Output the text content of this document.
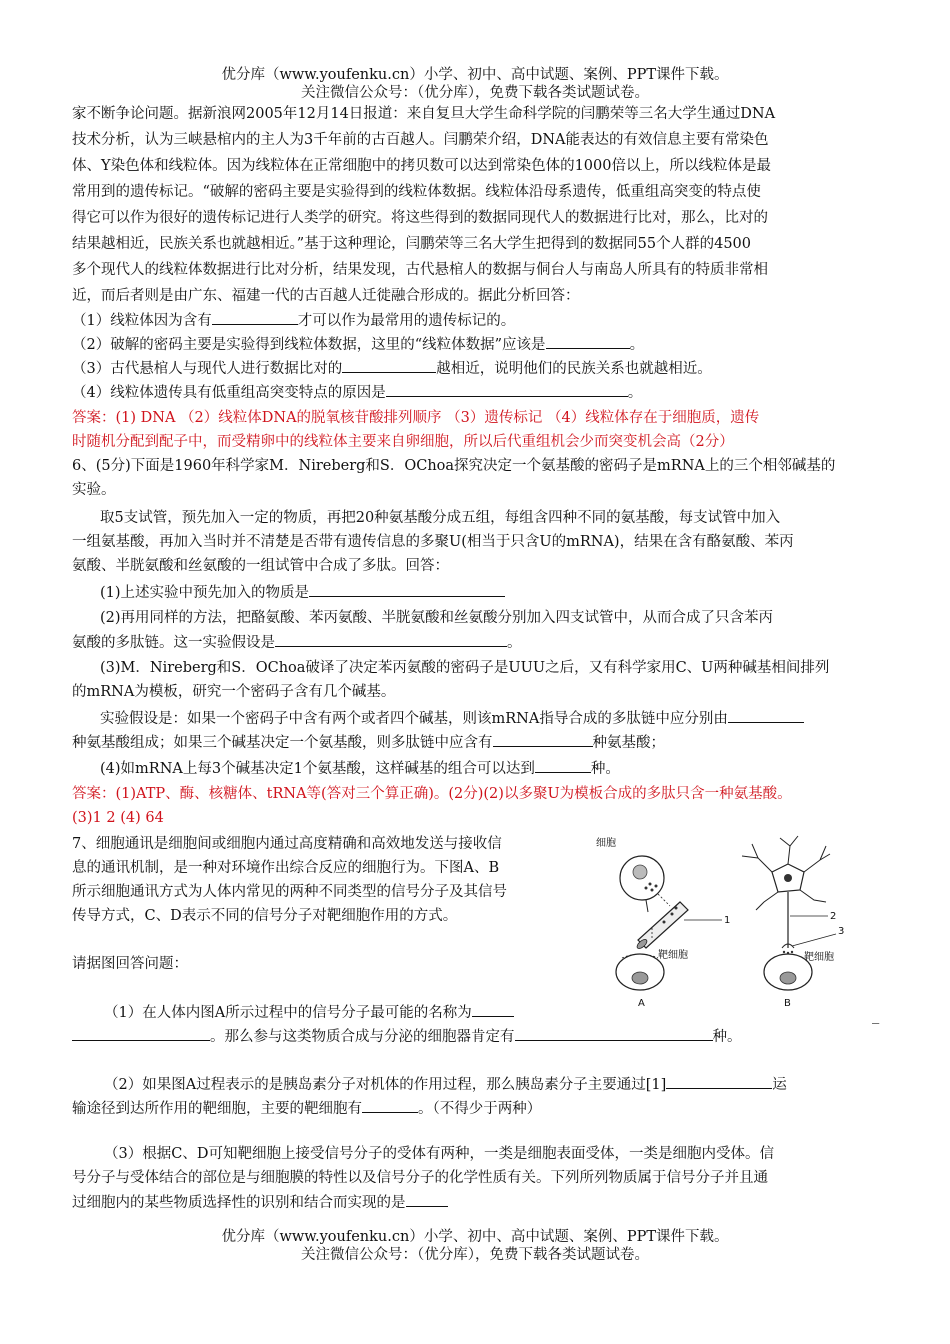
优分库（www.youfenku.cn）小学、初中、高中试题、案例、PPT课件下载。
关注微信公众号：（优分库），免费下载各类试题试卷。
家不断争论问题。据新浪网2005年12月14日报道：来自复旦大学生命科学院的闫鹏荣等三名大学生通过DNA
技术分析，认为三峡悬棺内的主人为3千年前的古百越人。闫鹏荣介绍，DNA能表达的有效信息主要有常染色
体、Y染色体和线粒体。因为线粒体在正常细胞中的拷贝数可以达到常染色体的1000倍以上，所以线粒体是最
常用到的遗传标记。“破解的密码主要是实验得到的线粒体数据。线粒体沿母系遗传，低重组高突变的特点使
得它可以作为很好的遗传标记进行人类学的研究。将这些得到的数据同现代人的数据进行比对，那么，比对的
结果越相近，民族关系也就越相近。”基于这种理论，闫鹏荣等三名大学生把得到的数据同55个人群的4500
多个现代人的线粒体数据进行比对分析，结果发现，古代悬棺人的数据与侗台人与南岛人所具有的特质非常相
近，而后者则是由广东、福建一代的古百越人迁徙融合形成的。据此分析回答：
（1）线粒体因为含有	才可以作为最常用的遗传标记的。
（2）破解的密码主要是实验得到线粒体数据，这里的“线粒体数据”应该是	。
（3）古代悬棺人与现代人进行数据比对的	越相近，说明他们的民族关系也就越相近。
（4）线粒体遗传具有低重组高突变特点的原因是	。
答案：(1) DNA （2）线粒体DNA的脱氧核苷酸排列顺序 （3）遗传标记 （4）线粒体存在于细胞质，遗传
时随机分配到配子中，而受精卵中的线粒体主要来自卵细胞，所以后代重组机会少而突变机会高（2分）
6、(5分)下面是1960年科学家M．Nireberg和S．OChoa探究决定一个氨基酸的密码子是mRNA上的三个相邻碱基的
实验。
取5支试管，预先加入一定的物质，再把20种氨基酸分成五组，每组含四种不同的氨基酸，每支试管中加入
一组氨基酸，再加入当时并不清楚是否带有遗传信息的多聚U(相当于只含U的mRNA)，结果在含有酪氨酸、苯丙
氨酸、半胱氨酸和丝氨酸的一组试管中合成了多肽。回答：
(1)上述实验中预先加入的物质是
(2)再用同样的方法，把酪氨酸、苯丙氨酸、半胱氨酸和丝氨酸分别加入四支试管中，从而合成了只含苯丙
氨酸的多肽链。这一实验假设是	。
(3)M．Nireberg和S．OChoa破译了决定苯丙氨酸的密码子是UUU之后，又有科学家用C、U两种碱基相间排列
的mRNA为模板，研究一个密码子含有几个碱基。
实验假设是：如果一个密码子中含有两个或者四个碱基，则该mRNA指导合成的多肽链中应分别由
种氨基酸组成；如果三个碱基决定一个氨基酸，则多肽链中应含有	种氨基酸；
(4)如mRNA上每3个碱基决定1个氨基酸，这样碱基的组合可以达到	种。
答案：(1)ATP、酶、核糖体、tRNA等(答对三个算正确)。(2分)(2)以多聚U为模板合成的多肽只含一种氨基酸。
(3)1 2 (4) 64
7、细胞通讯是细胞间或细胞内通过高度精确和高效地发送与接收信
息的通讯机制，是一种对环境作出综合反应的细胞行为。下图A、B
所示细胞通讯方式为人体内常见的两种不同类型的信号分子及其信号
传导方式，C、D表示不同的信号分子对靶细胞作用的方式。
请据图回答问题：
细胞
1
靶细胞
A
2
3
靶细胞
B
（1）在人体内图A所示过程中的信号分子最可能的名称为	_
。那么参与这类物质合成与分泌的细胞器肯定有	种。
（2）如果图A过程表示的是胰岛素分子对机体的作用过程，那么胰岛素分子主要通过[1]	运
输途径到达所作用的靶细胞，主要的靶细胞有	。（不得少于两种）
（3）根据C、D可知靶细胞上接受信号分子的受体有两种，一类是细胞表面受体，一类是细胞内受体。信
号分子与受体结合的部位是与细胞膜的特性以及信号分子的化学性质有关。下列所列物质属于信号分子并且通
过细胞内的某些物质选择性的识别和结合而实现的是
优分库（www.youfenku.cn）小学、初中、高中试题、案例、PPT课件下载。
关注微信公众号：（优分库），免费下载各类试题试卷。
